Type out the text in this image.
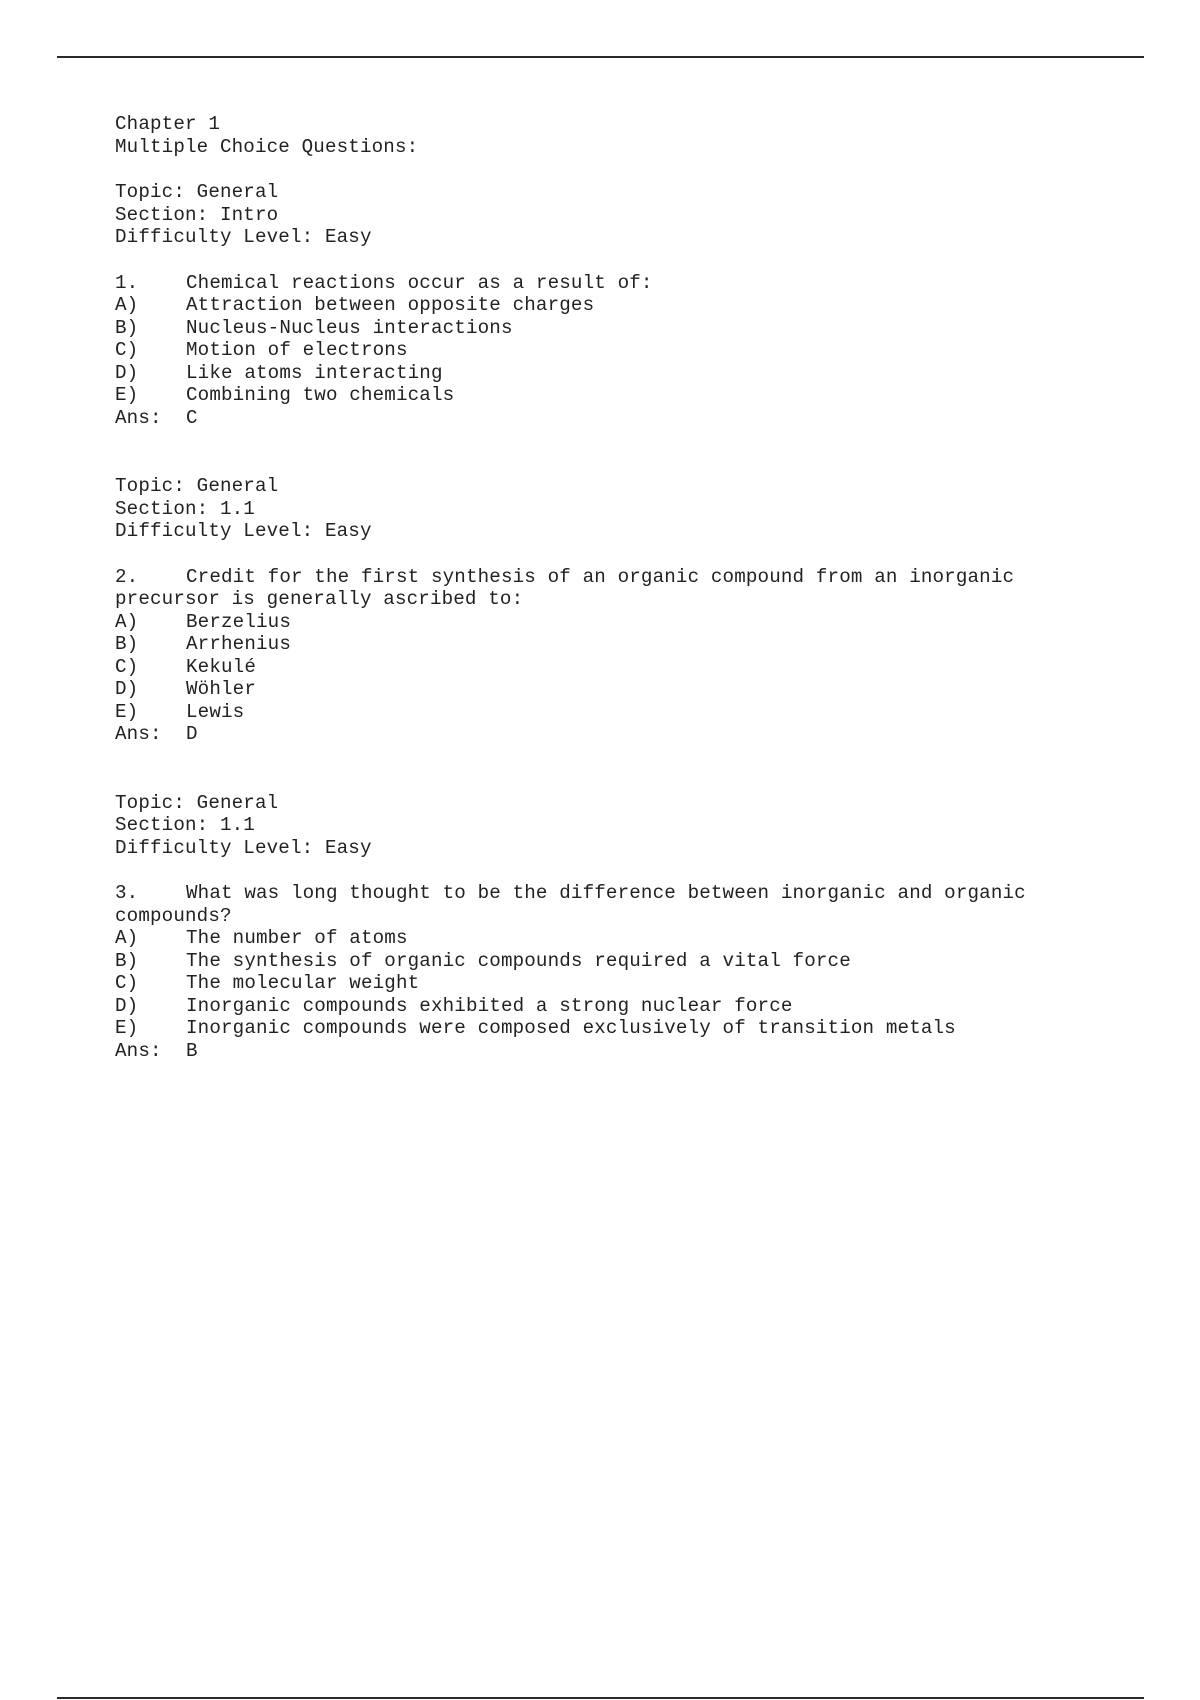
Chapter 1

Multiple Choice Questions:

Topic: General

Section: Intro

Difficulty Level: Easy

1.	Chemical reactions occur as a result of:
A)	Attraction between opposite charges
B)	Nucleus-Nucleus interactions
C)	Motion of electrons
D)	Like atoms interacting
E)	Combining two chemicals
Ans:	C

Topic: General

Section: 1.1

Difficulty Level: Easy

2. Credit for the first synthesis of an organic compound from an inorganic precursor is generally ascribed to:

A)	Berzelius
B)	Arrhenius
C)	Kekulé
D)	Wöhler
E)	Lewis
Ans:	D

Topic: General

Section: 1.1

Difficulty Level: Easy

3. What was long thought to be the difference between inorganic and organic compounds?

A)	The number of atoms
B)	The synthesis of organic compounds required a vital force
C)	The molecular weight
D)	Inorganic compounds exhibited a strong nuclear force
E)	Inorganic compounds were composed exclusively of transition metals
Ans:	B
